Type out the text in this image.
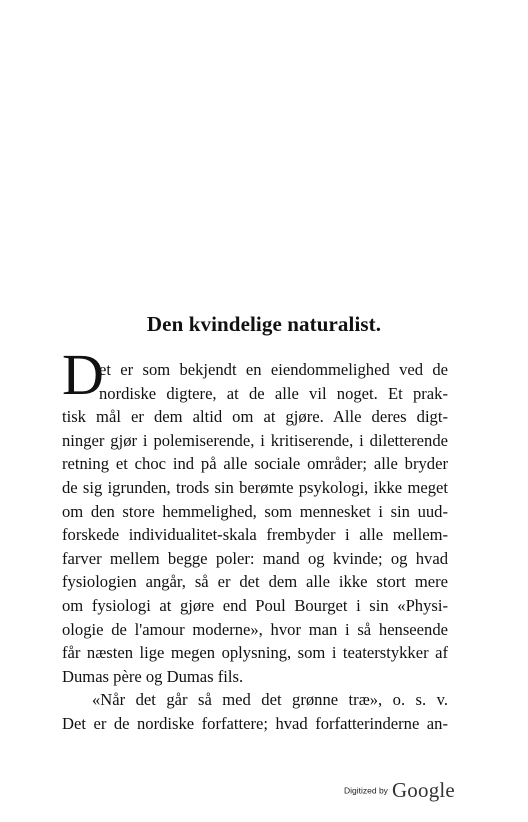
Den kvindelige naturalist.
D
et er som bekjendt en eiendommelighed ved de
nordiske digtere, at de alle vil noget. Et prak-
tisk mål er dem altid om at gjøre. Alle deres digt-
ninger gjør i polemiserende, i kritiserende, i diletterende
retning et choc ind på alle sociale områder; alle bryder
de sig igrunden, trods sin berømte psykologi, ikke meget
om den store hemmelighed, som mennesket i sin uud-
forskede individualitet-skala frembyder i alle mellem-
farver mellem begge poler: mand og kvinde; og hvad
fysiologien angår, så er det dem alle ikke stort mere
om fysiologi at gjøre end Poul Bourget i sin «Physi-
ologie de l'amour moderne», hvor man i så henseende
får næsten lige megen oplysning, som i teaterstykker af
Dumas père og Dumas fils.
«Når det går så med det grønne træ», o. s. v.
Det er de nordiske forfattere; hvad forfatterinderne an-
Digitized by Google
